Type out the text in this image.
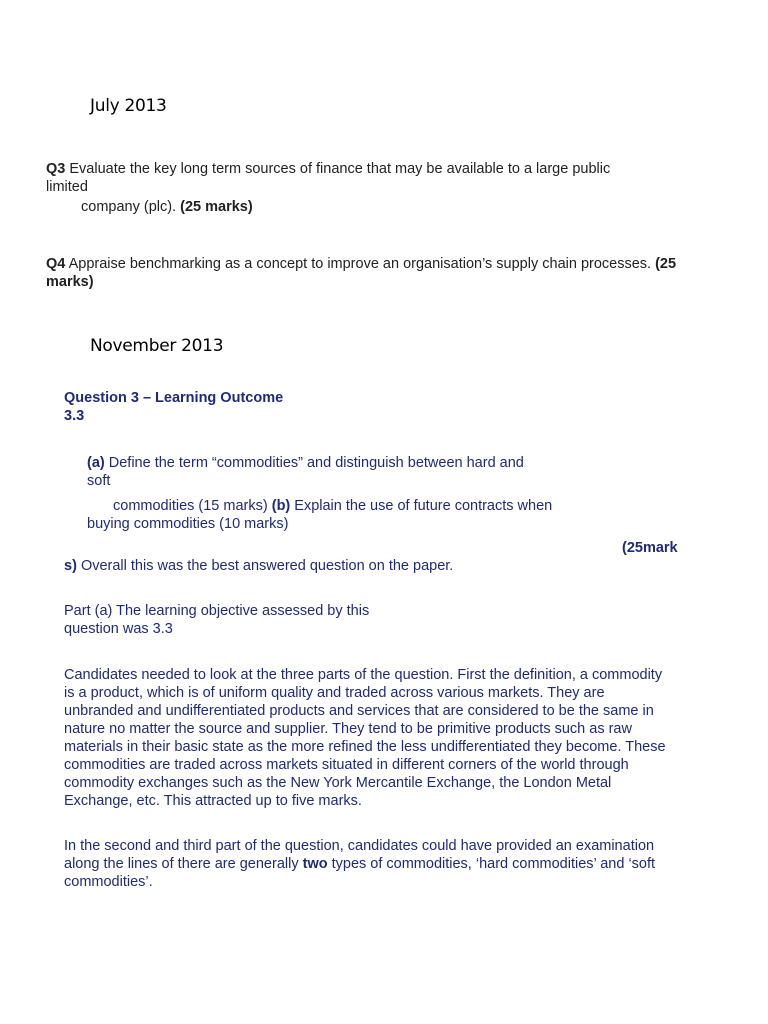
July 2013
Q3 Evaluate the key long term sources of finance that may be available to a large public
limited
company (plc). (25 marks)
Q4 Appraise benchmarking as a concept to improve an organisation’s supply chain processes. (25
marks)
November 2013
Question 3 – Learning Outcome
3.3
(a) Define the term “commodities” and distinguish between hard and
soft
commodities (15 marks) (b) Explain the use of future contracts when
buying commodities (10 marks)
(25mark
s) Overall this was the best answered question on the paper.
Part (a) The learning objective assessed by this
question was 3.3
Candidates needed to look at the three parts of the question. First the definition, a commodity
is a product, which is of uniform quality and traded across various markets. They are
unbranded and undifferentiated products and services that are considered to be the same in
nature no matter the source and supplier. They tend to be primitive products such as raw
materials in their basic state as the more refined the less undifferentiated they become. These
commodities are traded across markets situated in different corners of the world through
commodity exchanges such as the New York Mercantile Exchange, the London Metal
Exchange, etc. This attracted up to five marks.
In the second and third part of the question, candidates could have provided an examination
along the lines of there are generally two types of commodities, ‘hard commodities’ and ‘soft
commodities’.
